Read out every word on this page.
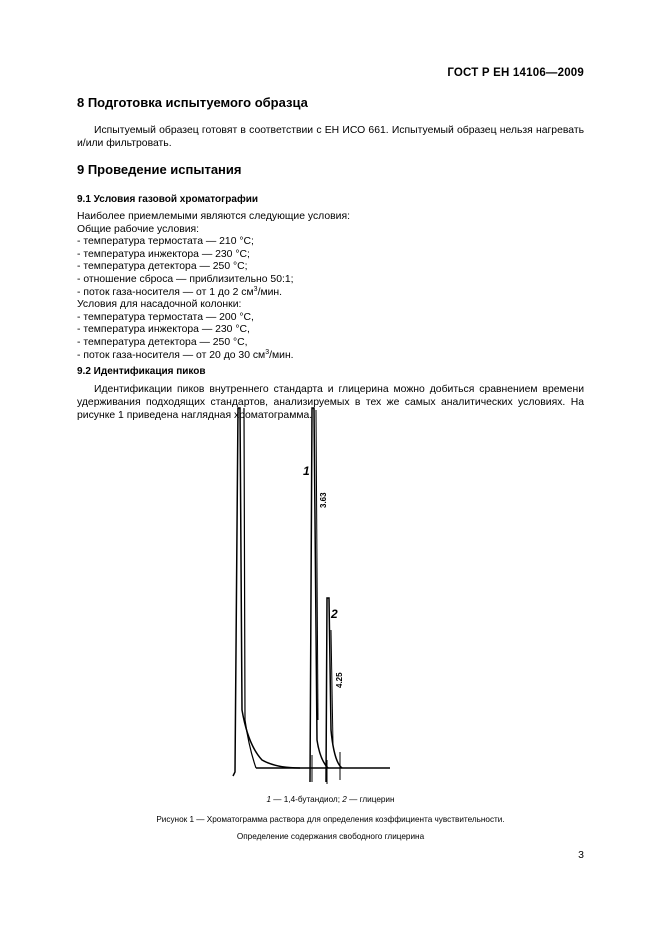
ГОСТ Р ЕН 14106—2009
8 Подготовка испытуемого образца
Испытуемый образец готовят в соответствии с ЕН ИСО 661. Испытуемый образец нельзя нагревать и/или фильтровать.
9 Проведение испытания
9.1 Условия газовой хроматографии
Наиболее приемлемыми являются следующие условия:
Общие рабочие условия:
- температура термостата — 210 °С;
- температура инжектора — 230 °С;
- температура детектора — 250 °С;
- отношение сброса — приблизительно 50:1;
- поток газа-носителя — от 1 до 2 $см^3$/мин.
Условия для насадочной колонки:
- температура термостата — 200 °С,
- температура инжектора — 230 °С,
- температура детектора — 250 °С,
- поток газа-носителя — от 20 до 30 $см^3$/мин.
9.2 Идентификация пиков
Идентификации пиков внутреннего стандарта и глицерина можно добиться сравнением времени удерживания подходящих стандартов, анализируемых в тех же самых аналитических условиях. На рисунке 1 приведена наглядная хроматограмма.
1
3.63
2
4.25
1 — 1,4-бутандиол; 2 — глицерин
Рисунок 1 — Хроматограмма раствора для определения коэффициента чувствительности.
Определение содержания свободного глицерина
3
